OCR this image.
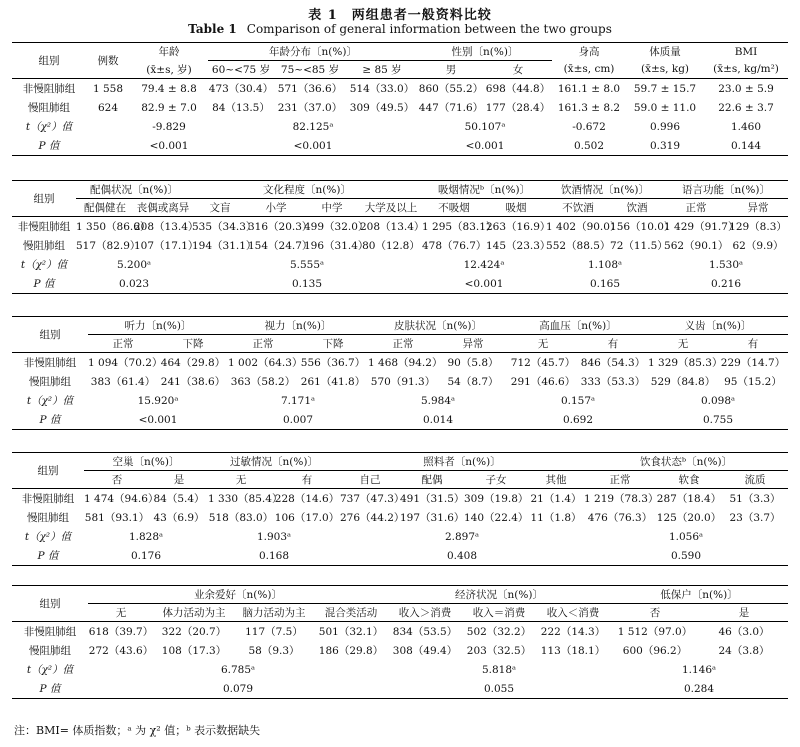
表 1　两组患者一般资料比较
Table 1 Comparison of general information between the two groups
组别	例数	年龄	年龄分布〔n(%)〕			性别〔n(%)〕		身高	体质量	BMI
		(x̄±s, 岁)	60~<75 岁	75~<85 岁	≥ 85 岁	男	女	(x̄±s, cm)	(x̄±s, kg)	(x̄±s, kg/m²)
非慢阻肺组	1 558	79.4 ± 8.8	473（30.4）	571（36.6）	514（33.0）	860（55.2）	698（44.8）	161.1 ± 8.0	59.7 ± 15.7	23.0 ± 5.9
慢阻肺组	624	82.9 ± 7.0	84（13.5）	231（37.0）	309（49.5）	447（71.6）	177（28.4）	161.3 ± 8.2	59.0 ± 11.0	22.6 ± 3.7
t（χ²）值		-9.829	82.125ᵃ			50.107ᵃ		-0.672	0.996	1.460
P 值		<0.001	<0.001			<0.001		0.502	0.319	0.144
组别	配偶状况〔n(%)〕		文化程度〔n(%)〕				吸烟情况ᵇ〔n(%)〕		饮酒情况〔n(%)〕		语言功能〔n(%)〕	
	配偶健在	丧偶或离异	文盲	小学	中学	大学及以上	不吸烟	吸烟	不饮酒	饮酒	正常	异常
非慢阻肺组	1 350（86.6）	208（13.4）	535（34.3）	316（20.3）	499（32.0）	208（13.4）	1 295（83.1）	263（16.9）	1 402（90.0）	156（10.0）	1 429（91.7）	129（8.3）
慢阻肺组	517（82.9）	107（17.1）	194（31.1）	154（24.7）	196（31.4）	80（12.8）	478（76.7）	145（23.3）	552（88.5）	72（11.5）	562（90.1）	62（9.9）
t（χ²）值	5.200ᵃ		5.555ᵃ				12.424ᵃ		1.108ᵃ		1.530ᵃ	
P 值	0.023		0.135				<0.001		0.165		0.216	
组别	听力〔n(%)〕		视力〔n(%)〕		皮肤状况〔n(%)〕		高血压〔n(%)〕		义齿〔n(%)〕	
	正常	下降	正常	下降	正常	异常	无	有	无	有
非慢阻肺组	1 094（70.2）	464（29.8）	1 002（64.3）	556（36.7）	1 468（94.2）	90（5.8）	712（45.7）	846（54.3）	1 329（85.3）	229（14.7）
慢阻肺组	383（61.4）	241（38.6）	363（58.2）	261（41.8）	570（91.3）	54（8.7）	291（46.6）	333（53.3）	529（84.8）	95（15.2）
t（χ²）值	15.920ᵃ		7.171ᵃ		5.984ᵃ		0.157ᵃ		0.098ᵃ	
P 值	<0.001		0.007		0.014		0.692		0.755	
组别	空巢〔n(%)〕		过敏情况〔n(%)〕		照料者〔n(%)〕				饮食状态ᵇ〔n(%)〕		
	否	是	无	有	自己	配偶	子女	其他	正常	软食	流质
非慢阻肺组	1 474（94.6）	84（5.4）	1 330（85.4）	228（14.6）	737（47.3）	491（31.5）	309（19.8）	21（1.4）	1 219（78.3）	287（18.4）	51（3.3）
慢阻肺组	581（93.1）	43（6.9）	518（83.0）	106（17.0）	276（44.2）	197（31.6）	140（22.4）	11（1.8）	476（76.3）	125（20.0）	23（3.7）
t（χ²）值	1.828ᵃ		1.903ᵃ		2.897ᵃ				1.056ᵃ		
P 值	0.176		0.168		0.408				0.590		
组别	业余爱好〔n(%)〕				经济状况〔n(%)〕			低保户〔n(%)〕	
	无	体力活动为主	脑力活动为主	混合类活动	收入＞消费	收入＝消费	收入＜消费	否	是
非慢阻肺组	618（39.7）	322（20.7）	117（7.5）	501（32.1）	834（53.5）	502（32.2）	222（14.3）	1 512（97.0）	46（3.0）
慢阻肺组	272（43.6）	108（17.3）	58（9.3）	186（29.8）	308（49.4）	203（32.5）	113（18.1）	600（96.2）	24（3.8）
t（χ²）值	6.785ᵃ				5.818ᵃ			1.146ᵃ	
P 值	0.079				0.055			0.284	
注：BMI= 体质指数；ᵃ 为 χ² 值；ᵇ 表示数据缺失
